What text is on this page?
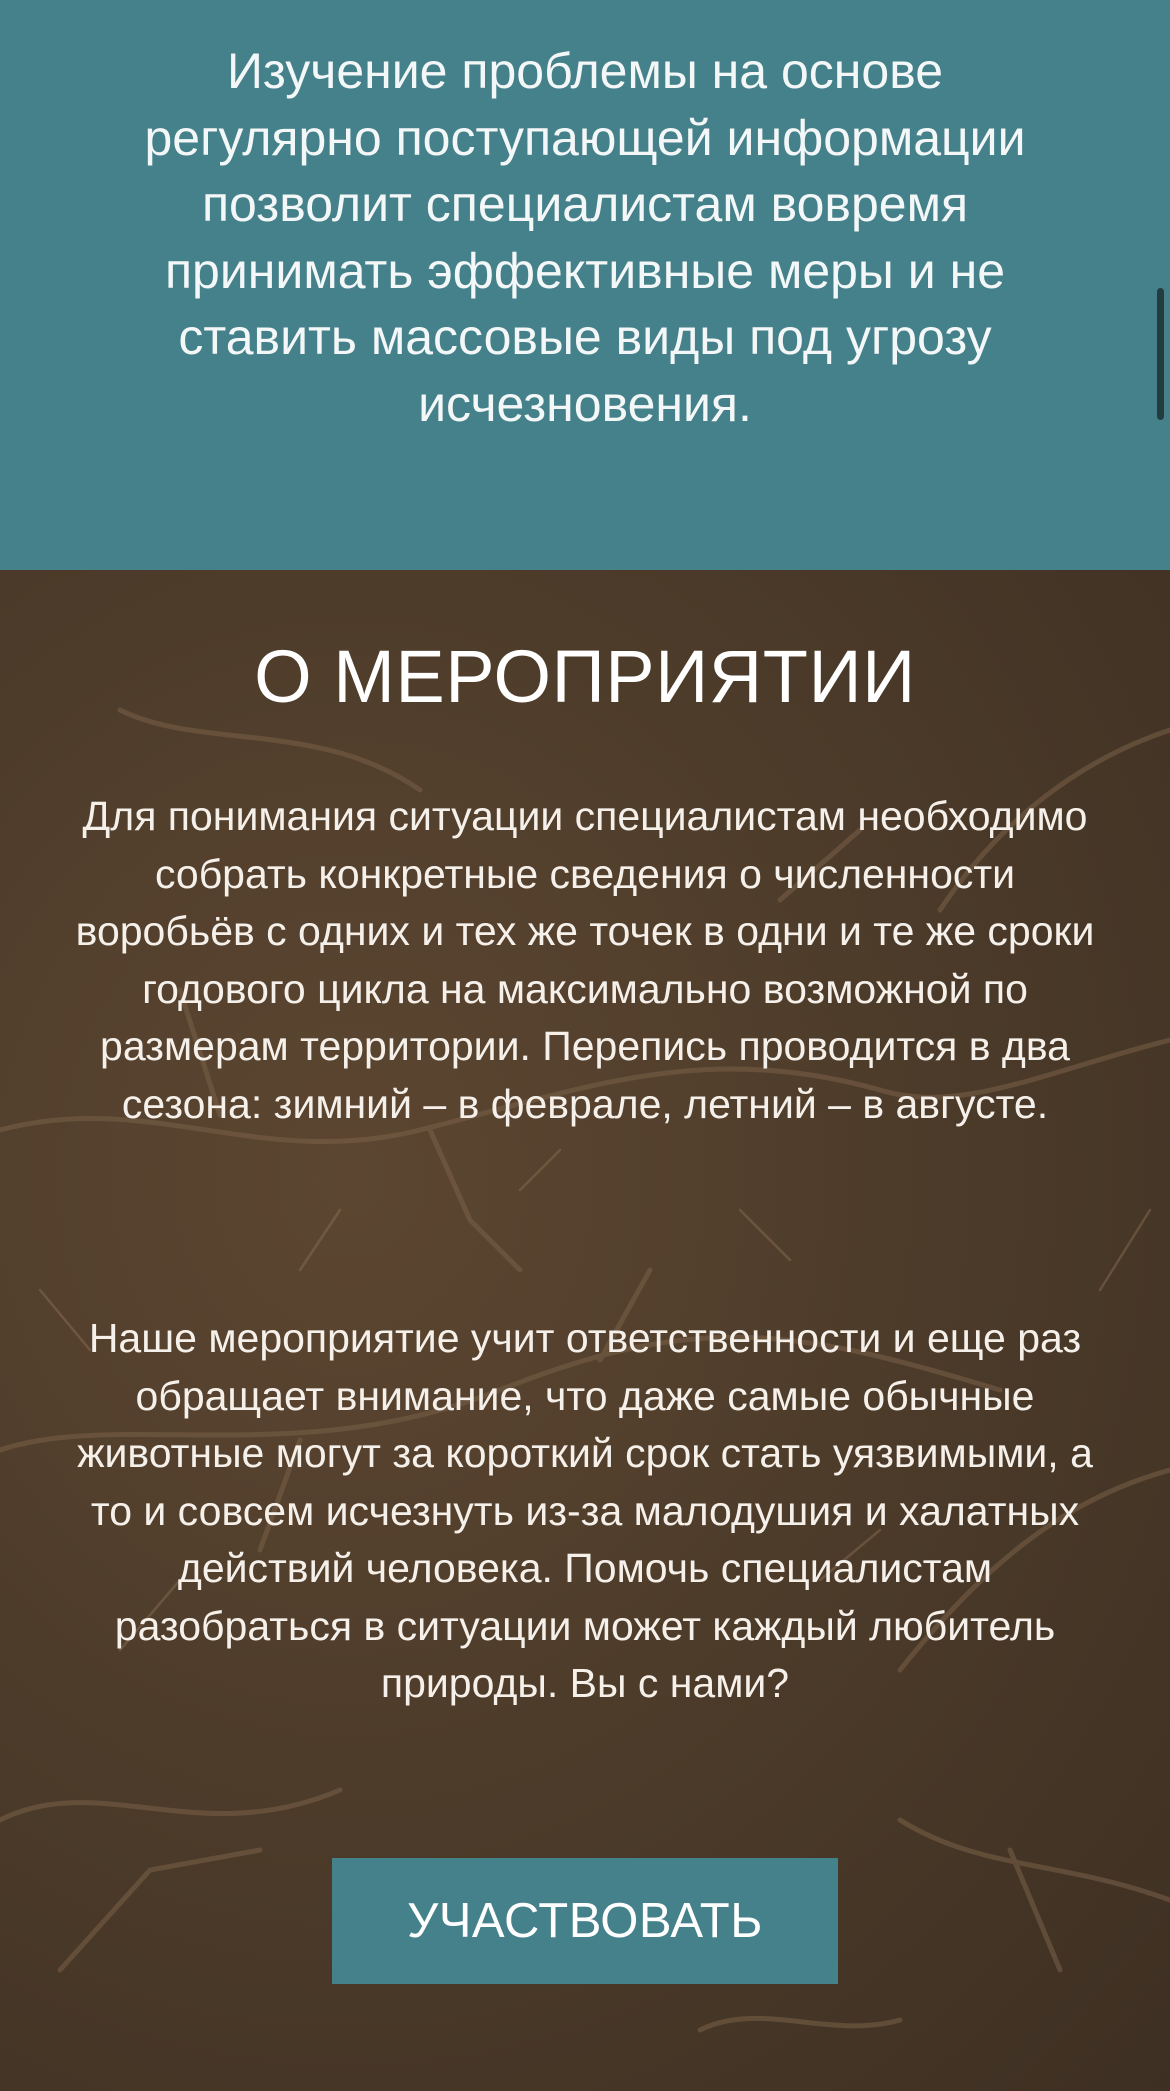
Изучение проблемы на основе регулярно поступающей информации позволит специалистам вовремя принимать эффективные меры и не ставить массовые виды под угрозу исчезновения.

О МЕРОПРИЯТИИ

Для понимания ситуации специалистам необходимо собрать конкретные сведения о численности воробьёв с одних и тех же точек в одни и те же сроки годового цикла на максимально возможной по размерам территории. Перепись проводится в два сезона: зимний – в феврале, летний – в августе.

Наше мероприятие учит ответственности и еще раз обращает внимание, что даже самые обычные животные могут за короткий срок стать уязвимыми, а то и совсем исчезнуть из-за малодушия и халатных действий человека. Помочь специалистам разобраться в ситуации может каждый любитель природы. Вы с нами?

УЧАСТВОВАТЬ
